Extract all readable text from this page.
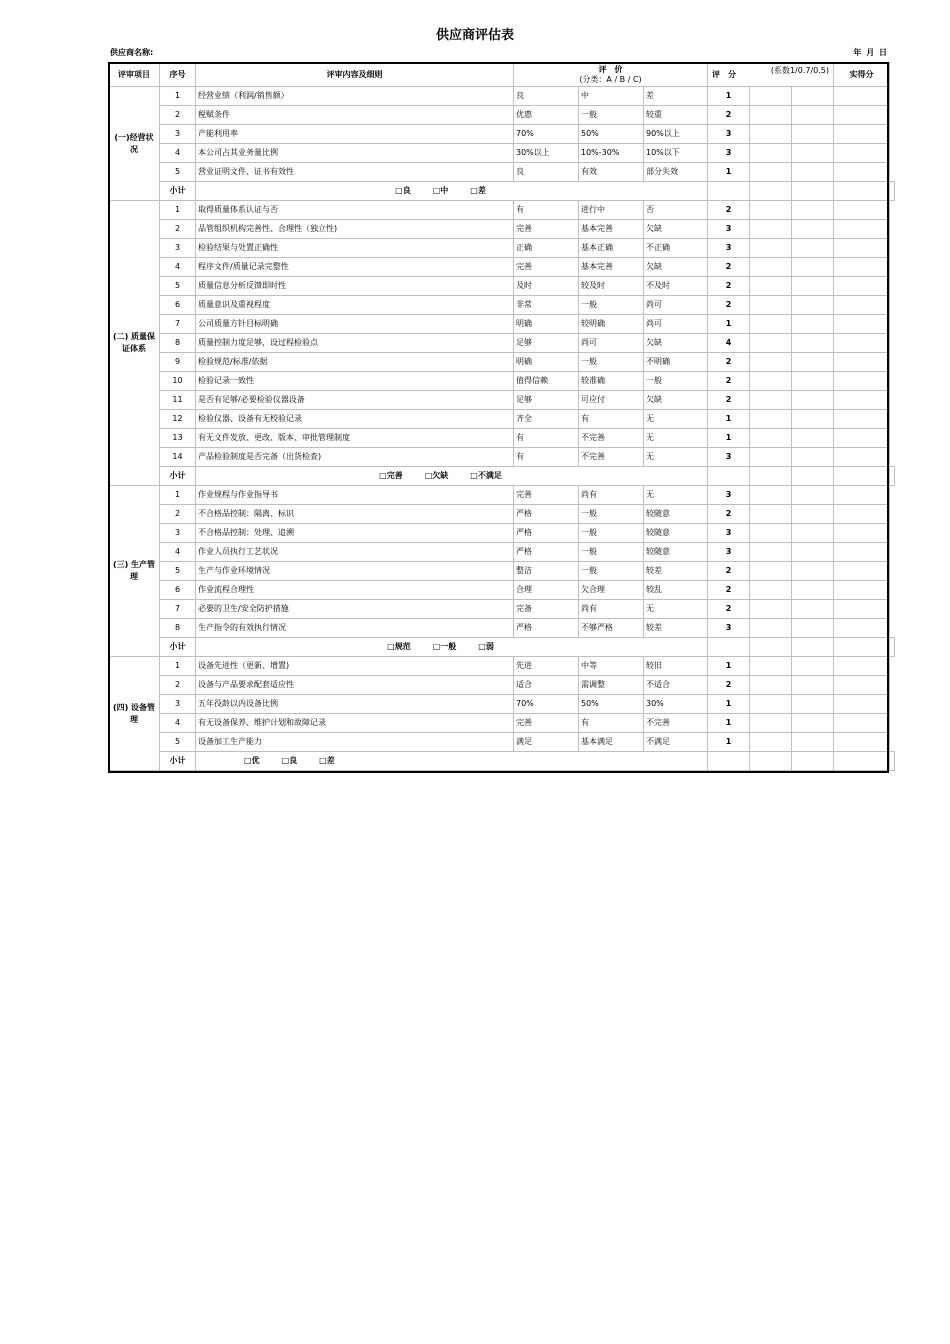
供应商评估表
供应商名称:	年 月 日
评审项目	序号	评审内容及细则	评　价
(分类：A / B / C)			评　分 (系数1/0.7/0.5)			实得分	
(一)经营状况	1	经营业绩（利润/销售额）	良	中	差	1				
	2	税赋条件	优惠	一般	较重	2				
	3	产能利用率	70%	50%	90%以上	3				
	4	本公司占其业务量比例	30%以上	10%-30%	10%以下	3				
	5	营业证明文件、证书有效性	良	有效	部分失效	1				
	小计	□良 □中 □差								
(二) 质量保证体系	1	取得质量体系认证与否	有	进行中	否	2				
	2	品管组织机构完善性、合理性（独立性)	完善	基本完善	欠缺	3				
	3	检验结果与处置正确性	正确	基本正确	不正确	3				
	4	程序文件/质量记录完整性	完善	基本完善	欠缺	2				
	5	质量信息分析反馈即时性	及时	较及时	不及时	2				
	6	质量意识及重视程度	非常	一般	尚可	2				
	7	公司质量方针目标明确	明确	较明确	尚可	1				
	8	质量控制力度足够，设过程检验点	足够	尚可	欠缺	4				
	9	检验规范/标准/依据	明确	一般	不明确	2				
	10	检验记录一致性	值得信赖	较准确	一般	2				
	11	是否有足够/必要检验仪器设备	足够	可应付	欠缺	2				
	12	检验仪器、设备有无校验记录	齐全	有	无	1				
	13	有无文件发放、更改、版本、审批管理制度	有	不完善	无	1				
	14	产品检验制度是否完备（出货检查)	有	不完善	无	3				
	小计	□完善 □欠缺 □不满足								
(三) 生产管理	1	作业规程与作业指导书	完善	尚有	无	3				
	2	不合格品控制：隔离、标识	严格	一般	较随意	2				
	3	不合格品控制：处理、追溯	严格	一般	较随意	3				
	4	作业人员执行工艺状况	严格	一般	较随意	3				
	5	生产与作业环境情况	整洁	一般	较差	2				
	6	作业流程合理性	合理	欠合理	较乱	2				
	7	必要的卫生/安全防护措施	完备	尚有	无	2				
	8	生产指令的有效执行情况	严格	不够严格	较差	3				
	小计	□规范 □一般 □弱								
(四) 设备管理	1	设备先进性（更新、增置)	先进	中等	较旧	1				
	2	设备与产品要求配套适应性	适合	需调整	不适合	2				
	3	五年役龄以内设备比例	70%	50%	30%	1				
	4	有无设备保养、维护计划和故障记录	完善	有	不完善	1				
	5	设备加工生产能力	满足	基本满足	不满足	1				
	小计	□优 □良 □差								
